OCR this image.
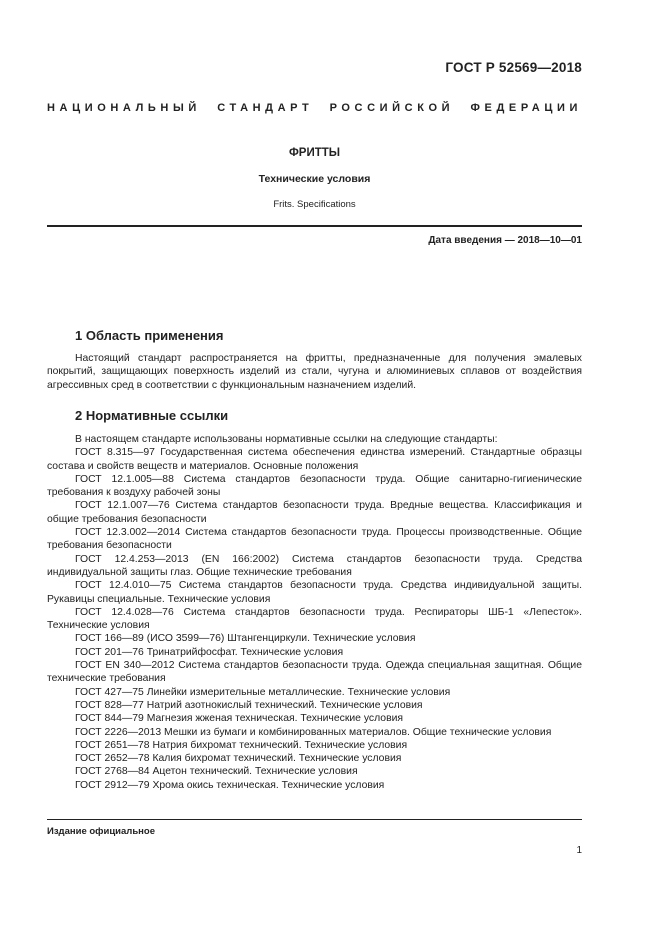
ГОСТ Р 52569—2018
НАЦИОНАЛЬНЫЙ СТАНДАРТ РОССИЙСКОЙ ФЕДЕРАЦИИ
ФРИТТЫ
Технические условия
Frits. Specifications
Дата введения — 2018—10—01
1 Область применения

Настоящий стандарт распространяется на фритты, предназначенные для получения эмалевых покрытий, защищающих поверхность изделий из стали, чугуна и алюминиевых сплавов от воздействия агрессивных сред в соответствии с функциональным назначением изделий.

2 Нормативные ссылки

В настоящем стандарте использованы нормативные ссылки на следующие стандарты:

ГОСТ 8.315—97 Государственная система обеспечения единства измерений. Стандартные образцы состава и свойств веществ и материалов. Основные положения

ГОСТ 12.1.005—88 Система стандартов безопасности труда. Общие санитарно-гигиенические требования к воздуху рабочей зоны

ГОСТ 12.1.007—76 Система стандартов безопасности труда. Вредные вещества. Классификация и общие требования безопасности

ГОСТ 12.3.002—2014 Система стандартов безопасности труда. Процессы производственные. Общие требования безопасности

ГОСТ 12.4.253—2013 (EN 166:2002) Система стандартов безопасности труда. Средства индивидуальной защиты глаз. Общие технические требования

ГОСТ 12.4.010—75 Система стандартов безопасности труда. Средства индивидуальной защиты. Рукавицы специальные. Технические условия

ГОСТ 12.4.028—76 Система стандартов безопасности труда. Респираторы ШБ-1 «Лепесток». Технические условия

ГОСТ 166—89 (ИСО 3599—76) Штангенциркули. Технические условия

ГОСТ 201—76 Тринатрийфосфат. Технические условия

ГОСТ EN 340—2012 Система стандартов безопасности труда. Одежда специальная защитная. Общие технические требования

ГОСТ 427—75 Линейки измерительные металлические. Технические условия

ГОСТ 828—77 Натрий азотнокислый технический. Технические условия

ГОСТ 844—79 Магнезия жженая техническая. Технические условия

ГОСТ 2226—2013 Мешки из бумаги и комбинированных материалов. Общие технические условия

ГОСТ 2651—78 Натрия бихромат технический. Технические условия

ГОСТ 2652—78 Калия бихромат технический. Технические условия

ГОСТ 2768—84 Ацетон технический. Технические условия

ГОСТ 2912—79 Хрома окись техническая. Технические условия

Издание официальное
1
